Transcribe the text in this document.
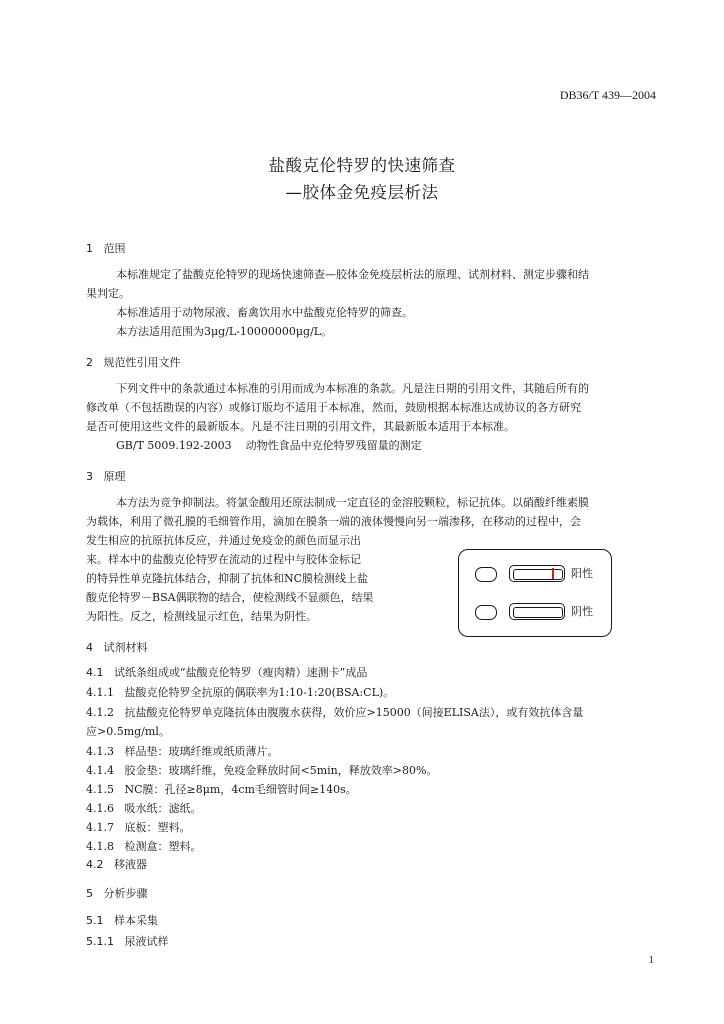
DB36/T 439—2004
盐酸克伦特罗的快速筛查
—胶体金免疫层析法
1   范围
本标准规定了盐酸克伦特罗的现场快速筛查—胶体金免疫层析法的原理、试剂材料、测定步骤和结
果判定。
本标准适用于动物尿液、畜禽饮用水中盐酸克伦特罗的筛查。
本方法适用范围为3μg/L-10000000μg/L。
2   规范性引用文件
下列文件中的条款通过本标准的引用而成为本标准的条款。凡是注日期的引用文件，其随后所有的
修改单（不包括勘误的内容）或修订版均不适用于本标准，然而，鼓励根据本标准达成协议的各方研究
是否可使用这些文件的最新版本。凡是不注日期的引用文件，其最新版本适用于本标准。
GB/T 5009.192-2003    动物性食品中克伦特罗残留量的测定
3   原理
本方法为竞争抑制法。将氯金酸用还原法制成一定直径的金溶胶颗粒，标记抗体。以硝酸纤维素膜
为载体，利用了微孔膜的毛细管作用，滴加在膜条一端的液体慢慢向另一端渗移，在移动的过程中，会
发生相应的抗原抗体反应，并通过免疫金的颜色而显示出
来。样本中的盐酸克伦特罗在流动的过程中与胶体金标记
的特异性单克隆抗体结合，抑制了抗体和NC膜检测线上盐
酸克伦特罗－BSA偶联物的结合，使检测线不显颜色，结果
为阳性。反之，检测线显示红色，结果为阴性。
阳性
阴性
4   试剂材料
4.1   试纸条组成或“盐酸克伦特罗（瘦肉精）速测卡”成品
4.1.1   盐酸克伦特罗全抗原的偶联率为1:10-1:20(BSA:CL)。
4.1.2   抗盐酸克伦特罗单克隆抗体由腹腹水获得，效价应>15000（间接ELISA法），或有效抗体含量
应>0.5mg/ml。
4.1.3   样品垫：玻璃纤维或纸质薄片。
4.1.4   胶金垫：玻璃纤维，免疫金释放时间<5min，释放效率>80%。
4.1.5   NC膜：孔径≥8μm，4cm毛细管时间≥140s。
4.1.6   吸水纸：滤纸。
4.1.7   底板：塑料。
4.1.8   检测盒：塑料。
4.2   移液器
5   分析步骤
5.1   样本采集
5.1.1   尿液试样
1
